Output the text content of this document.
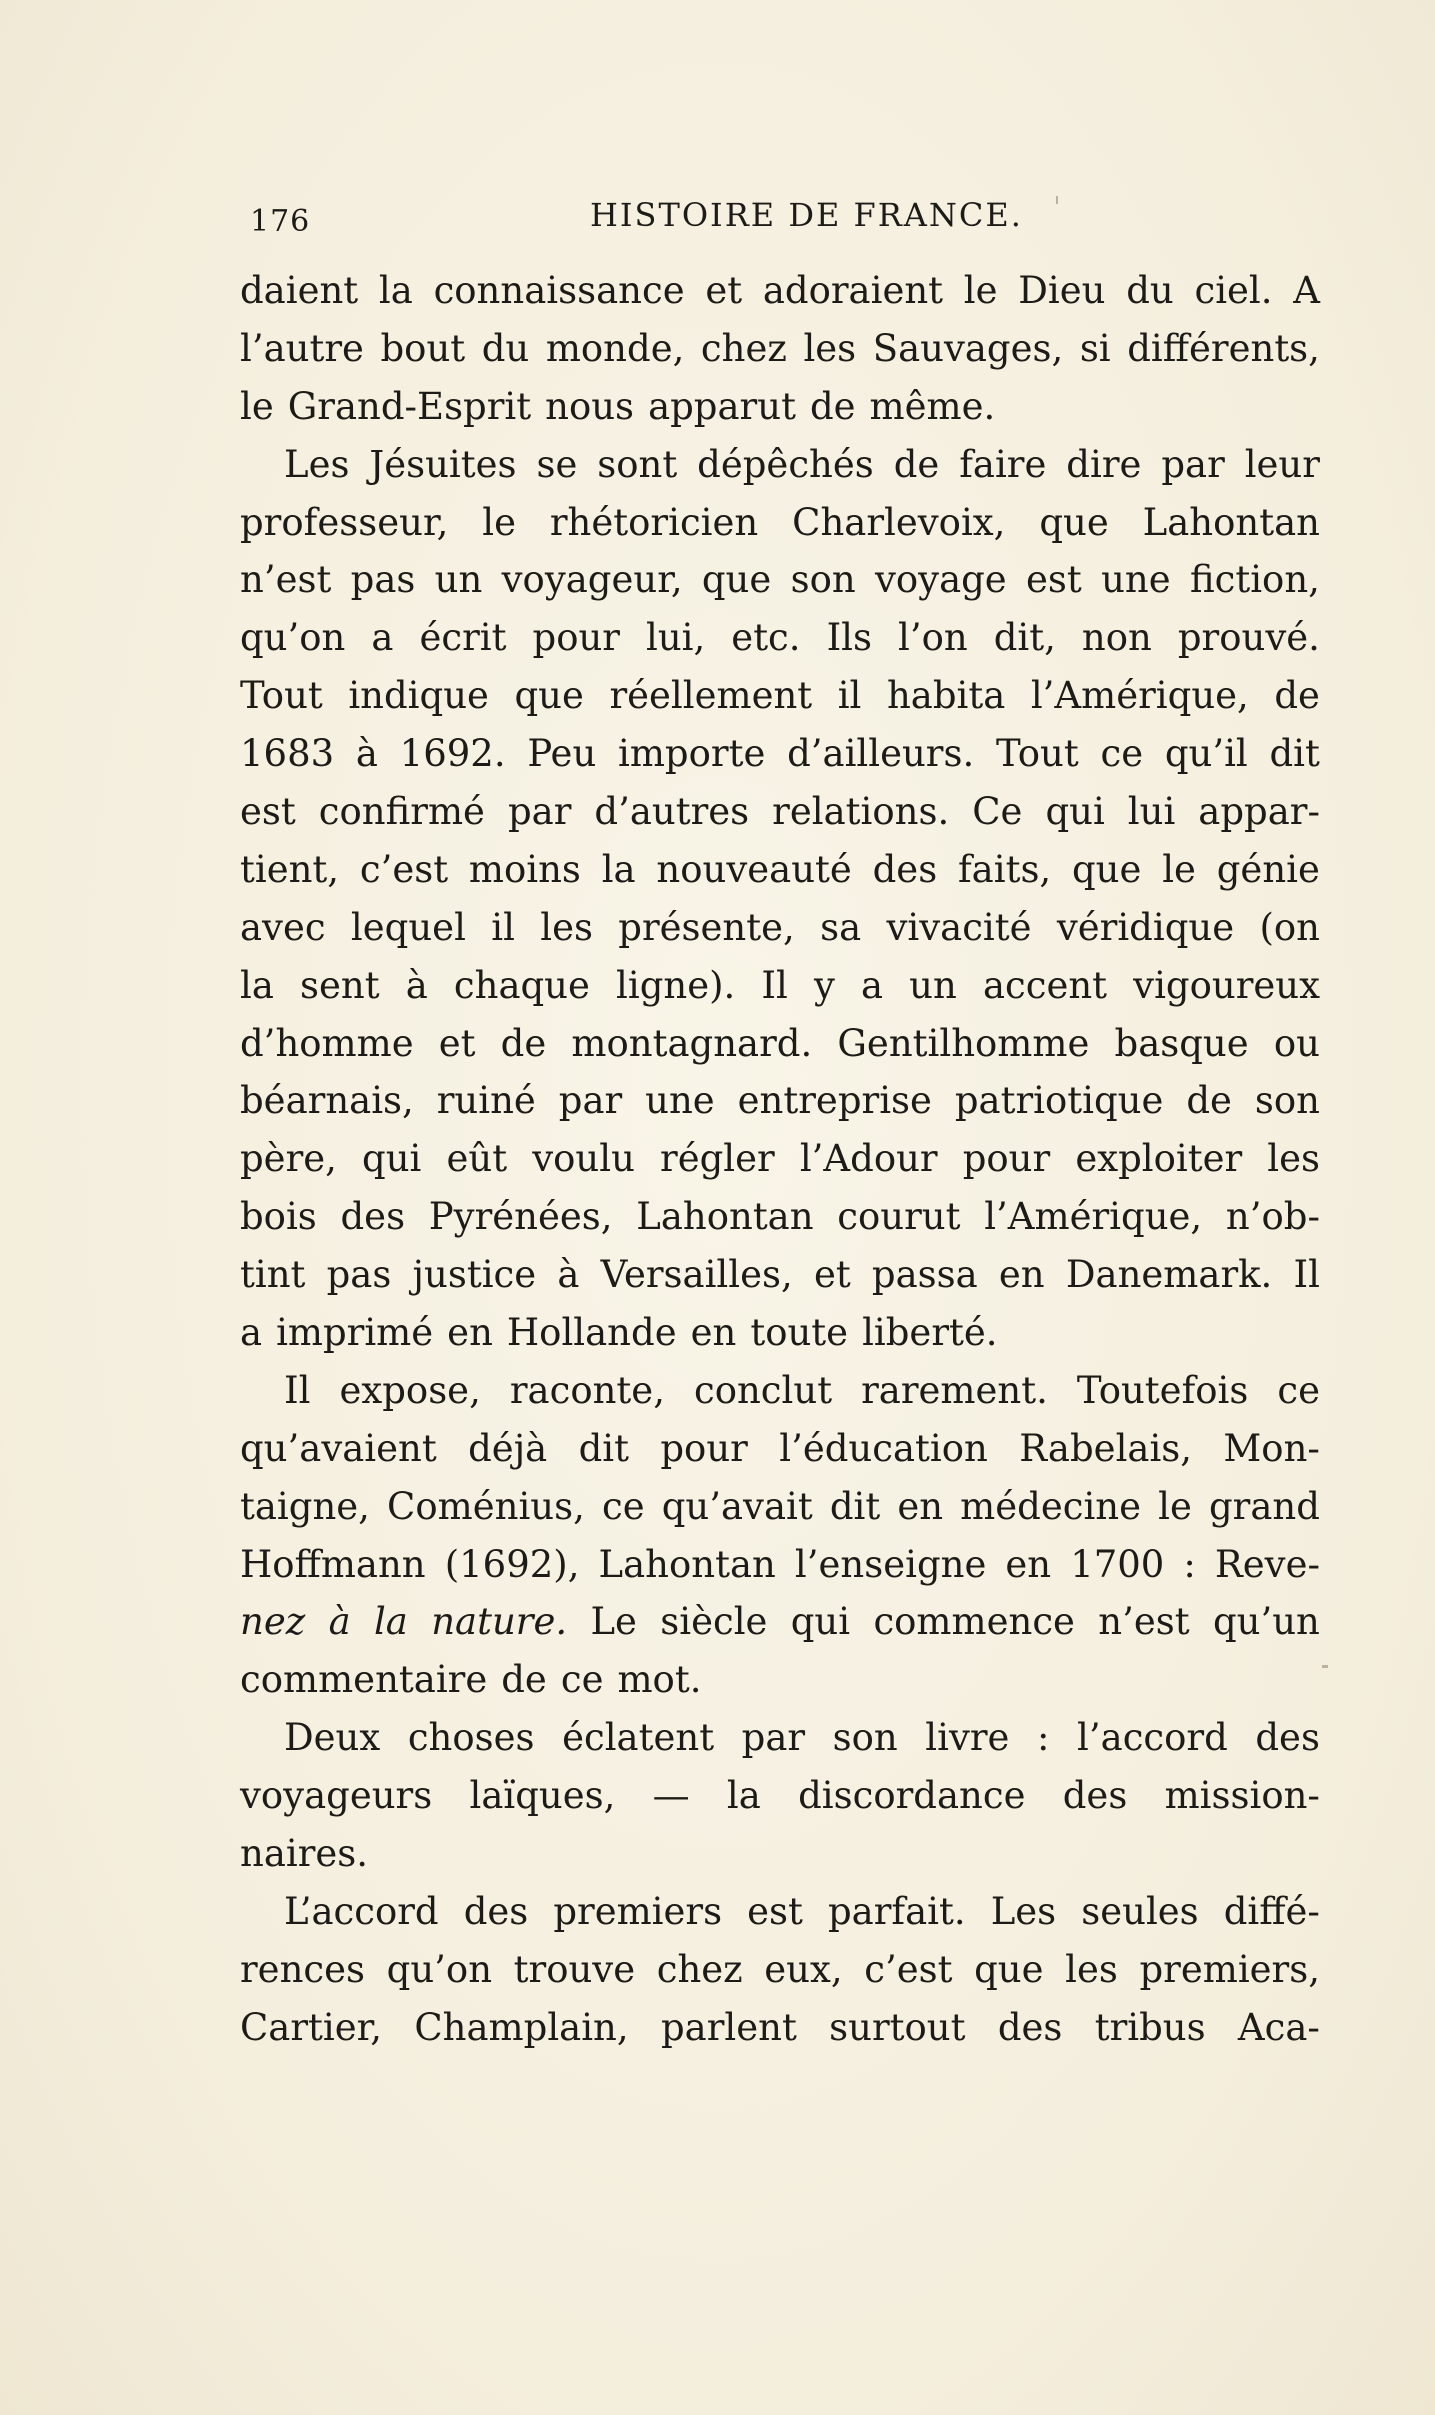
176	HISTOIRE DE FRANCE.
daient la connaissance et adoraient le Dieu du ciel. A
l’autre bout du monde, chez les Sauvages, si différents,
le Grand-Esprit nous apparut de même.
Les Jésuites se sont dépêchés de faire dire par leur
professeur, le rhétoricien Charlevoix, que Lahontan
n’est pas un voyageur, que son voyage est une fiction,
qu’on a écrit pour lui, etc. Ils l’on dit, non prouvé.
Tout indique que réellement il habita l’Amérique, de
1683 à 1692. Peu importe d’ailleurs. Tout ce qu’il dit
est confirmé par d’autres relations. Ce qui lui appar-
tient, c’est moins la nouveauté des faits, que le génie
avec lequel il les présente, sa vivacité véridique (on
la sent à chaque ligne). Il y a un accent vigoureux
d’homme et de montagnard. Gentilhomme basque ou
béarnais, ruiné par une entreprise patriotique de son
père, qui eût voulu régler l’Adour pour exploiter les
bois des Pyrénées, Lahontan courut l’Amérique, n’ob-
tint pas justice à Versailles, et passa en Danemark. Il
a imprimé en Hollande en toute liberté.
Il expose, raconte, conclut rarement. Toutefois ce
qu’avaient déjà dit pour l’éducation Rabelais, Mon-
taigne, Coménius, ce qu’avait dit en médecine le grand
Hoffmann (1692), Lahontan l’enseigne en 1700 : Reve-
nez à la nature. Le siècle qui commence n’est qu’un
commentaire de ce mot.
Deux choses éclatent par son livre : l’accord des
voyageurs laïques, — la discordance des mission-
naires.
L’accord des premiers est parfait. Les seules diffé-
rences qu’on trouve chez eux, c’est que les premiers,
Cartier, Champlain, parlent surtout des tribus Aca-
